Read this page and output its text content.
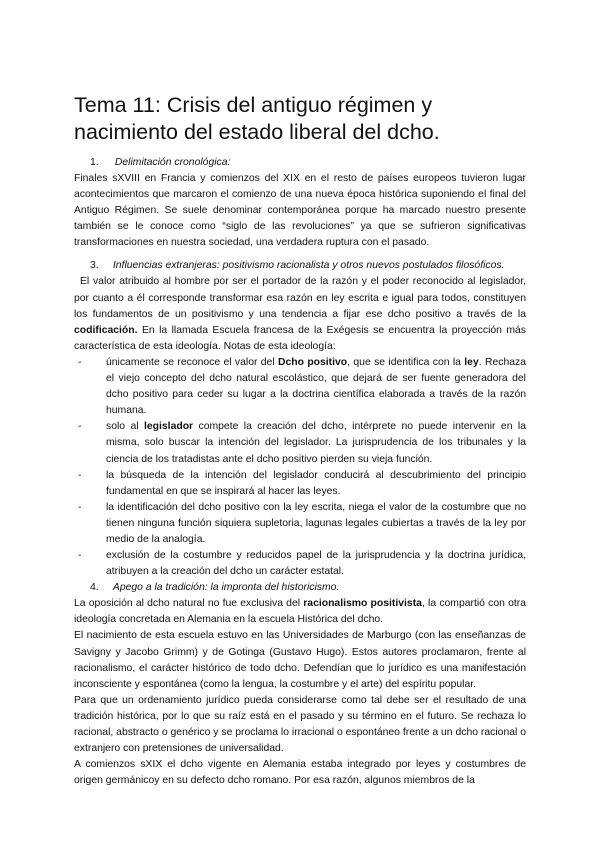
Tema 11: Crisis del antiguo régimen y nacimiento del estado liberal del dcho.
1. Delimitación cronológica:

Finales sXVIII en Francia y comienzos del XIX en el resto de países europeos tuvieron lugar acontecimientos que marcaron el comienzo de una nueva época histórica suponiendo el final del Antiguo Régimen. Se suele denominar contemporánea porque ha marcado nuestro presente también se le conoce como “siglo de las revoluciones” ya que se sufrieron significativas transformaciones en nuestra sociedad, una verdadera ruptura con el pasado.

3. Influencias extranjeras: positivismo racionalista y otros nuevos postulados filosóficos.

El valor atribuido al hombre por ser el portador de la razón y el poder reconocido al legislador, por cuanto a él corresponde transformar esa razón en ley escrita e igual para todos, constituyen los fundamentos de un positivismo y una tendencia a fijar ese dcho positivo a través de la codificación. En la llamada Escuela francesa de la Exégesis se encuentra la proyección más característica de esta ideología. Notas de esta ideología:

- únicamente se reconoce el valor del Dcho positivo, que se identifica con la ley. Rechaza el viejo concepto del dcho natural escolástico, que dejará de ser fuente generadora del dcho positivo para ceder su lugar a la doctrina científica elaborada a través de la razón humana.
- solo al legislador compete la creación del dcho, intérprete no puede intervenir en la misma, solo buscar la intención del legislador. La jurisprudencia de los tribunales y la ciencia de los tratadistas ante el dcho positivo pierden su vieja función.
- la búsqueda de la intención del legislador conducirá al descubrimiento del principio fundamental en que se inspirará al hacer las leyes.
- la identificación del dcho positivo con la ley escrita, niega el valor de la costumbre que no tienen ninguna función siquiera supletoria, lagunas legales cubiertas a través de la ley por medio de la analogía.
- exclusión de la costumbre y reducidos papel de la jurisprudencia y la doctrina jurídica, atribuyen a la creación del dcho un carácter estatal.
4. Apego a la tradición: la impronta del historicismo.

La oposición al dcho natural no fue exclusiva del racionalismo positivista, la compartió con otra ideología concretada en Alemania en la escuela Histórica del dcho.

El nacimiento de esta escuela estuvo en las Universidades de Marburgo (con las enseñanzas de Savigny y Jacobo Grimm) y de Gotinga (Gustavo Hugo). Estos autores proclamaron, frente al racionalismo, el carácter histórico de todo dcho. Defendían que lo jurídico es una manifestación inconsciente y espontánea (como la lengua, la costumbre y el arte) del espíritu popular.

Para que un ordenamiento jurídico pueda considerarse como tal debe ser el resultado de una tradición histórica, por lo que su raíz está en el pasado y su término en el futuro. Se rechaza lo racional, abstracto o genérico y se proclama lo irracional o espontáneo frente a un dcho racional o extranjero con pretensiones de universalidad.

A comienzos sXIX el dcho vigente en Alemania estaba integrado por leyes y costumbres de origen germánicoy en su defecto dcho romano. Por esa razón, algunos miembros de la
